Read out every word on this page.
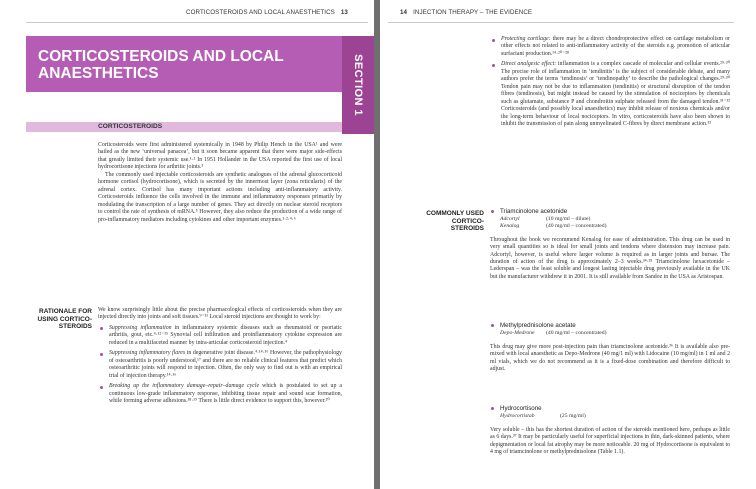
CORTICOSTEROIDS AND LOCAL ANAESTHETICS 13
CORTICOSTEROIDS AND LOCAL ANAESTHETICS	SECTION 1
CORTICOSTEROIDS

Corticosteroids were first administered systemically in 1948 by Philip Hench in the USA¹ and were hailed as the new ‘universal panacea’, but it soon became apparent that there were major side-effects that greatly limited their systemic use.¹·² In 1951 Hollander in the USA reported the first use of local hydrocortisone injections for arthritic joints.³

The commonly used injectable corticosteroids are synthetic analogues of the adrenal glucocorticoid hormone cortisol (hydrocortisone), which is secreted by the innermost layer (zona reticularis) of the adrenal cortex. Cortisol has many important actions including anti-inflammatory activity. Corticosteroids influence the cells involved in the immune and inflammatory responses primarily by modulating the transcription of a large number of genes. They act directly on nuclear steroid receptors to control the rate of synthesis of mRNA.⁵ However, they also reduce the production of a wide range of pro-inflammatory mediators including cytokines and other important enzymes.¹·²·⁴·⁶

RATIONALE FOR USING CORTICO-STEROIDS

We know surprisingly little about the precise pharmacological effects of corticosteroids when they are injected directly into joints and soft tissues.⁹⁻¹¹ Local steroid injections are thought to work by:

Suppressing inflammation in inflammatory systemic diseases such as rheumatoid or psoriatic arthritis, gout, etc.⁴·¹²⁻¹⁵ Synovial cell infiltration and proinflammatory cytokine expression are reduced in a multifaceted manner by intra-articular corticosteroid injection.⁴
Suppressing inflammatory flares in degenerative joint disease.⁴·¹⁴·¹⁶ However, the pathophysiology of osteoarthritis is poorly understood,¹⁷ and there are no reliable clinical features that predict which osteoarthritic joints will respond to injection. Often, the only way to find out is with an empirical trial of injection therapy.¹⁴·¹⁶
Breaking up the inflammatory damage–repair–damage cycle which is postulated to set up a continuous low-grade inflammatory response, inhibiting tissue repair and sound scar formation, while forming adverse adhesions.¹⁸·¹⁹ There is little direct evidence to support this, however.²⁰
14 INJECTION THERAPY – THE EVIDENCE
Protecting cartilage: there may be a direct chondroprotective effect on cartilage metabolism or other effects not related to anti-inflammatory activity of the steroids e.g. promotion of articular surfactant production.¹⁴·²⁰⁻²⁸
Direct analgesic effect: inflammation is a complex cascade of molecular and cellular events.²⁹·³⁰ The precise role of inflammation in ‘tendinitis’ is the subject of considerable debate, and many authors prefer the terms ‘tendinosis’ or ‘tendinopathy’ to describe the pathological changes.²⁹·³⁰ Tendon pain may not be due to inflammation (tendinitis) or structural disruption of the tendon fibres (tendinosis), but might instead be caused by the stimulation of nociceptors by chemicals such as glutamate, substance P and chondroitin sulphate released from the damaged tendon.³¹⁻³² Corticosteroids (and possibly local anaesthetics) may inhibit release of noxious chemicals and/or the long-term behaviour of local nociceptors. In vitro, corticosteroids have also been shown to inhibit the transmission of pain along unmyelinated C-fibres by direct membrane action.³³
COMMONLY USED CORTICO-STEROIDS
Triamcinolone acetonide
Adcortyl	(10 mg/ml – dilute)
Kenalog	(40 mg/ml – concentrated)
Throughout the book we recommend Kenalog for ease of administration. This drug can be used in very small quantities so is ideal for small joints and tendons where distension may increase pain. Adcortyl, however, is useful where larger volume is required as in larger joints and bursae. The duration of action of the drug is approximately 2–3 weeks.³⁴·³⁵ Triamcinolone hexacetonide – Lederspan – was the least soluble and longest lasting injectable drug previously available in the UK but the manufacturer withdrew it in 2001. It is still available from Sandoz in the USA as Aristospan.
Methylprednisolone acetate
Depo-Medrone (40 mg/ml – concentrated)
This drug may give more post-injection pain than triamcinolone acetonide.³⁶ It is available also pre-mixed with local anaesthetic as Depo-Medrone (40 mg/1 ml) with Lidocaine (10 mg/ml) in 1 ml and 2 ml vials, which we do not recommend as it is a fixed-dose combination and therefore difficult to adjust.
Hydrocortisone
Hydrocortistab	(25 mg/ml)
Very soluble – this has the shortest duration of action of the steroids mentioned here, perhaps as little as 6 days.³⁷ It may be particularly useful for superficial injections in thin, dark-skinned patients, where depigmentation or local fat atrophy may be more noticeable. 20 mg of Hydrocortisone is equivalent to 4 mg of triamcinolone or methylprednisolone (Table 1.1).
